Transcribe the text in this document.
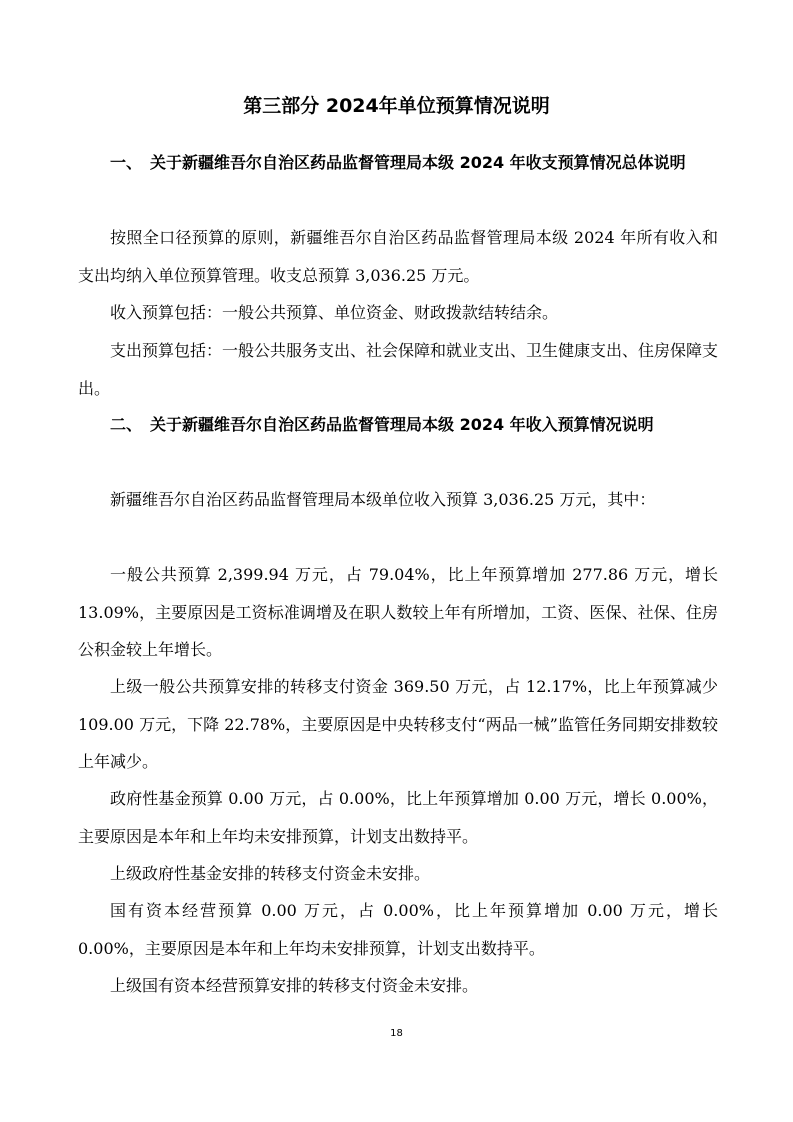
第三部分 2024年单位预算情况说明

一、　关于新疆维吾尔自治区药品监督管理局本级 2024 年收支预算情况总体说明

按照全口径预算的原则，新疆维吾尔自治区药品监督管理局本级 2024 年所有收入和支出均纳入单位预算管理。收支总预算 3,036.25 万元。

收入预算包括：一般公共预算、单位资金、财政拨款结转结余。

支出预算包括：一般公共服务支出、社会保障和就业支出、卫生健康支出、住房保障支出。

二、　关于新疆维吾尔自治区药品监督管理局本级 2024 年收入预算情况说明

新疆维吾尔自治区药品监督管理局本级单位收入预算 3,036.25 万元，其中：

一般公共预算 2,399.94 万元，占 79.04%，比上年预算增加 277.86 万元，增长 13.09%，主要原因是工资标准调增及在职人数较上年有所增加，工资、医保、社保、住房公积金较上年增长。

上级一般公共预算安排的转移支付资金 369.50 万元，占 12.17%，比上年预算减少 109.00 万元，下降 22.78%，主要原因是中央转移支付“两品一械”监管任务同期安排数较上年减少。

政府性基金预算 0.00 万元，占 0.00%，比上年预算增加 0.00 万元，增长 0.00%，主要原因是本年和上年均未安排预算，计划支出数持平。

上级政府性基金安排的转移支付资金未安排。

国有资本经营预算 0.00 万元，占 0.00%，比上年预算增加 0.00 万元，增长 0.00%，主要原因是本年和上年均未安排预算，计划支出数持平。

上级国有资本经营预算安排的转移支付资金未安排。

18
